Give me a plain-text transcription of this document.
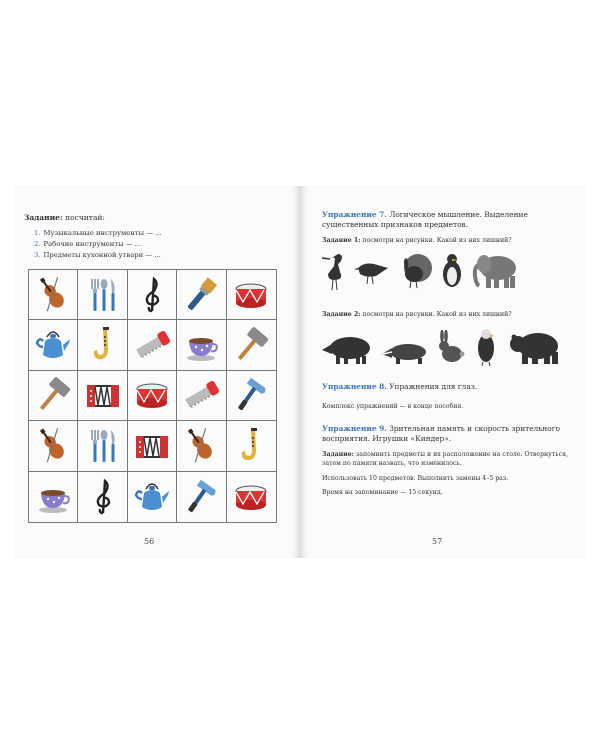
Задание: посчитай:
1. Музыкальные инструменты — ...
2. Рабочие инструменты — ...
3. Предметы кухонной утвари — ...
56
Упражнение 7. Логическое мышление. Выделение существенных признаков предметов.
Задание 1: посмотри на рисунки. Какой из них лишний?
Задание 2: посмотри на рисунки. Какой из них лишний?
Упражнение 8. Упражнения для глаз.
Комплекс упражнений — в конце пособия.
Упражнение 9. Зрительная память и скорость зрительного восприятия. Игрушки «Киндер».
Задание: запомнить предметы и их расположение на столе. Отвернуться, затем по памяти назвать, что изменилось.
Использовать 10 предметов. Выполнить замены 4–5 раз.
Время на запоминание — 15 секунд.
57
